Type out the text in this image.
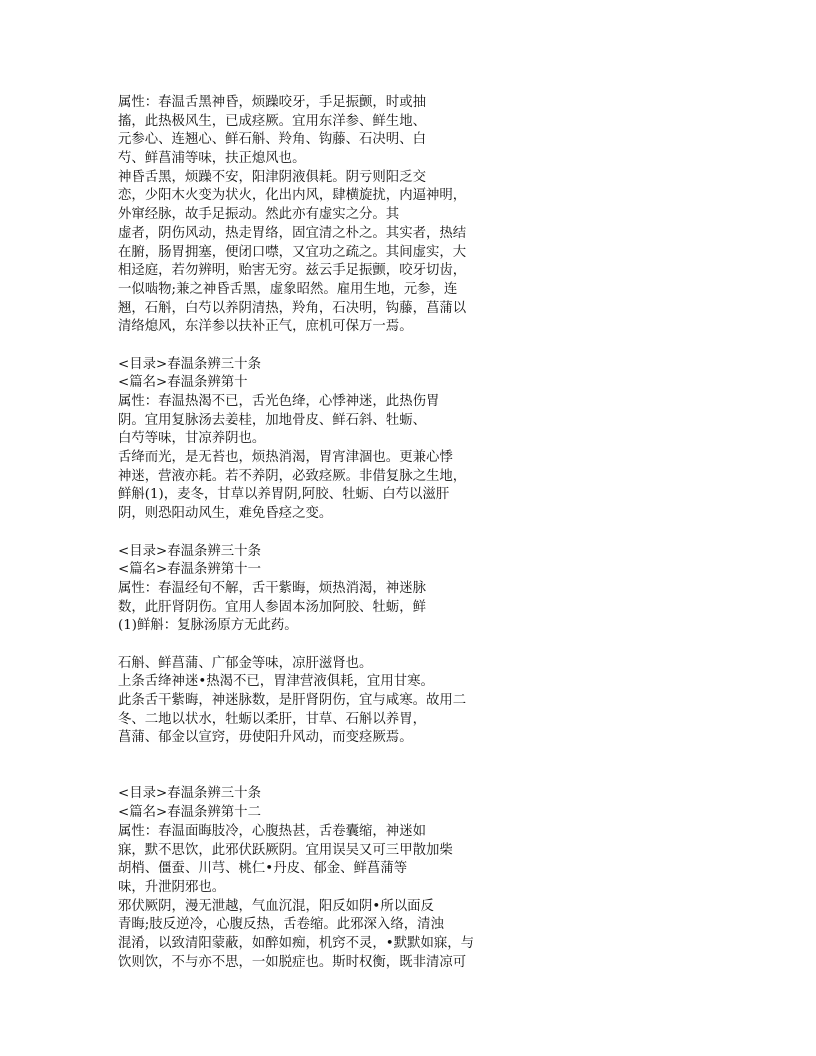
属性：春温舌黑神昏，烦躁咬牙，手足振颤，时或抽
搐，此热极风生，已成痉厥。宜用东洋参、鲜生地、
元参心、连翘心、鲜石斛、羚角、钩藤、石决明、白
芍、鲜菖浦等味，扶正熄风也。
神昏舌黑，烦躁不安，阳津阴液俱耗。阴亏则阳乏交
恋，少阳木火变为状火，化出内风，肆横旋扰，内逼神明，
外窜经脉，故手足振动。然此亦有虚实之分。其
虚者，阴伤风动，热走胃络，固宜清之朴之。其实者，热结
在腑，肠胃拥塞，便闭口噤，又宜功之疏之。其间虚实，大
相迳庭，若勿辨明，贻害无穷。兹云手足振颤，咬牙切齿，
一似啮物;兼之神昏舌黑，虚象昭然。雇用生地，元参，连
翘，石斛，白芍以养阴清热，羚角，石决明，钩藤，菖蒲以
清络熄风，东洋参以扶补正气，庶机可保万一焉。
<目录>春温条辨三十条
<篇名>春温条辨第十
属性：春温热渴不已，舌光色绛，心悸神迷，此热伤胃
阴。宜用复脉汤去姜桂，加地骨皮、鲜石斜、牡蛎、
白芍等味，甘凉养阴也。
舌绛而光，是无苔也，烦热消渴，胃宵津涸也。更兼心悸
神迷，营液亦耗。若不养阴，必致痉厥。非借复脉之生地，
鲜斛(1)，麦冬，甘草以养胃阴,阿胶、牡蛎、白芍以滋肝
阴，则恐阳动风生，难免昏痉之变。
<目录>春温条辨三十条
<篇名>春温条辨第十一
属性：春温经旬不解，舌干紫晦，烦热消渴，神迷脉
数，此肝肾阴伤。宜用人参固本汤加阿胶、牡蛎，鲜
(1)鲜斛：复脉汤原方无此药。
石斛、鲜菖蒲、广郁金等味，凉肝滋肾也。
上条舌绛神迷•热渴不已，胃津营液俱耗，宜用甘寒。
此条舌干紫晦，神迷脉数，是肝肾阴伤，宜与咸寒。故用二
冬、二地以状水，牡蛎以柔肝，甘草、石斛以养胃，
菖蒲、郁金以宣窍，毋使阳升风动，而变痉厥焉。
<目录>春温条辨三十条
<篇名>春温条辨第十二
属性：春温面晦肢冷，心腹热甚，舌卷囊缩，神迷如
寐，默不思饮，此邪伏跃厥阴。宜用误吴又可三甲散加柴
胡梢、僵蚕、川芎、桃仁•丹皮、郁金、鲜菖蒲等
味，升泄阴邪也。
邪伏厥阴，漫无泄越，气血沉混，阳反如阴•所以面反
青晦;肢反逆冷，心腹反热，舌卷缩。此邪深入络，清浊
混淆，以致清阳蒙蔽，如醉如痴，机窍不灵，•默默如寐，与
饮则饮，不与亦不思，一如脱症也。斯时权衡，既非清凉可
